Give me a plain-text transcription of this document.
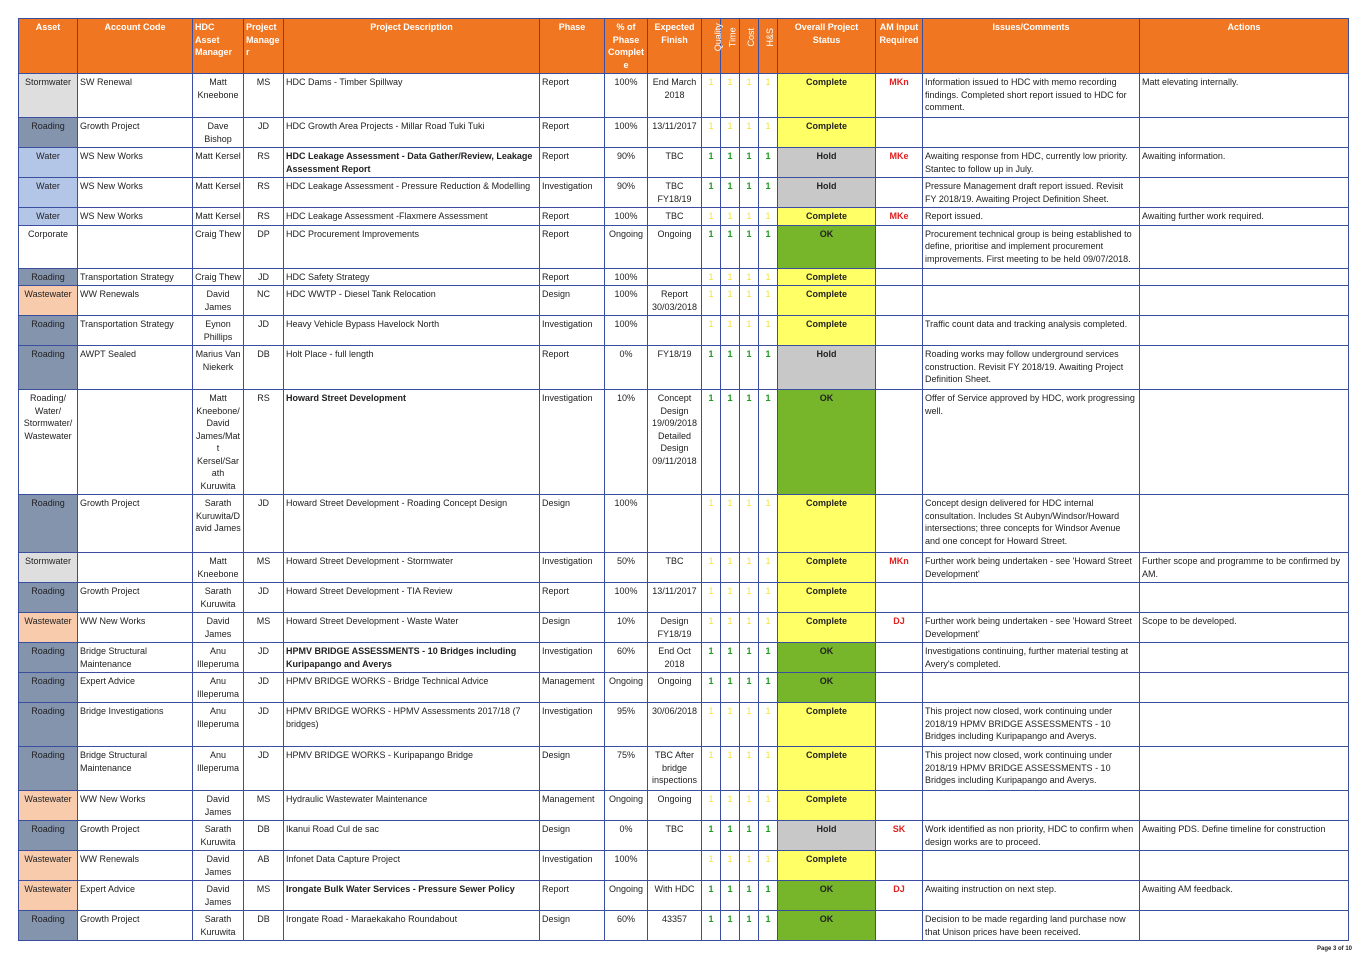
Asset	Account Code	HDC Asset Manager	Project Manager	Project Description	Phase	% of Phase Complete	Expected Finish	Quality	Time	Cost	H&S	Overall Project Status	AM Input Required	Issues/Comments	Actions
Stormwater	SW Renewal	Matt Kneebone	MS	HDC Dams - Timber Spillway	Report	100%	End March 2018	1	1	1	1	Complete	MKn	Information issued to HDC with memo recording findings. Completed short report issued to HDC for comment.	Matt elevating internally.
Roading	Growth Project	Dave Bishop	JD	HDC Growth Area Projects - Millar Road Tuki Tuki	Report	100%	13/11/2017	1	1	1	1	Complete			
Water	WS New Works	Matt Kersel	RS	HDC Leakage Assessment - Data Gather/Review, Leakage Assessment Report	Report	90%	TBC	1	1	1	1	Hold	MKe	Awaiting response from HDC, currently low priority. Stantec to follow up in July.	Awaiting information.
Water	WS New Works	Matt Kersel	RS	HDC Leakage Assessment - Pressure Reduction & Modelling	Investigation	90%	TBC FY18/19	1	1	1	1	Hold		Pressure Management draft report issued. Revisit FY 2018/19. Awaiting Project Definition Sheet.	
Water	WS New Works	Matt Kersel	RS	HDC Leakage Assessment -Flaxmere Assessment	Report	100%	TBC	1	1	1	1	Complete	MKe	Report issued.	Awaiting further work required.
Corporate		Craig Thew	DP	HDC Procurement Improvements	Report	Ongoing	Ongoing	1	1	1	1	OK		Procurement technical group is being established to define, prioritise and implement procurement improvements. First meeting to be held 09/07/2018.	
Roading	Transportation Strategy	Craig Thew	JD	HDC Safety Strategy	Report	100%		1	1	1	1	Complete			
Wastewater	WW Renewals	David James	NC	HDC WWTP - Diesel Tank Relocation	Design	100%	Report 30/03/2018	1	1	1	1	Complete			
Roading	Transportation Strategy	Eynon Phillips	JD	Heavy Vehicle Bypass Havelock North	Investigation	100%		1	1	1	1	Complete		Traffic count data and tracking analysis completed.	
Roading	AWPT Sealed	Marius Van Niekerk	DB	Holt Place - full length	Report	0%	FY18/19	1	1	1	1	Hold		Roading works may follow underground services construction. Revisit FY 2018/19. Awaiting Project Definition Sheet.	
Roading/ Water/ Stormwater/ Wastewater		Matt Kneebone/David James/Matt Kersel/Sarath Kuruwita	RS	Howard Street Development	Investigation	10%	Concept Design 19/09/2018 Detailed Design 09/11/2018	1	1	1	1	OK		Offer of Service approved by HDC, work progressing well.	
Roading	Growth Project	Sarath Kuruwita/David James	JD	Howard Street Development - Roading Concept Design	Design	100%		1	1	1	1	Complete		Concept design delivered for HDC internal consultation. Includes St Aubyn/Windsor/Howard intersections; three concepts for Windsor Avenue and one concept for Howard Street.	
Stormwater		Matt Kneebone	MS	Howard Street Development - Stormwater	Investigation	50%	TBC	1	1	1	1	Complete	MKn	Further work being undertaken - see 'Howard Street Development'	Further scope and programme to be confirmed by AM.
Roading	Growth Project	Sarath Kuruwita	JD	Howard Street Development - TIA Review	Report	100%	13/11/2017	1	1	1	1	Complete			
Wastewater	WW New Works	David James	MS	Howard Street Development - Waste Water	Design	10%	Design FY18/19	1	1	1	1	Complete	DJ	Further work being undertaken - see 'Howard Street Development'	Scope to be developed.
Roading	Bridge Structural Maintenance	Anu Illeperuma	JD	HPMV BRIDGE ASSESSMENTS - 10 Bridges including Kuripapango and Averys	Investigation	60%	End Oct 2018	1	1	1	1	OK		Investigations continuing, further material testing at Avery's completed.	
Roading	Expert Advice	Anu Illeperuma	JD	HPMV BRIDGE WORKS - Bridge Technical Advice	Management	Ongoing	Ongoing	1	1	1	1	OK			
Roading	Bridge Investigations	Anu Illeperuma	JD	HPMV BRIDGE WORKS - HPMV Assessments 2017/18 (7 bridges)	Investigation	95%	30/06/2018	1	1	1	1	Complete		This project now closed, work continuing under 2018/19 HPMV BRIDGE ASSESSMENTS - 10 Bridges including Kuripapango and Averys.	
Roading	Bridge Structural Maintenance	Anu Illeperuma	JD	HPMV BRIDGE WORKS - Kuripapango Bridge	Design	75%	TBC After bridge inspections	1	1	1	1	Complete		This project now closed, work continuing under 2018/19 HPMV BRIDGE ASSESSMENTS - 10 Bridges including Kuripapango and Averys.	
Wastewater	WW New Works	David James	MS	Hydraulic Wastewater Maintenance	Management	Ongoing	Ongoing	1	1	1	1	Complete			
Roading	Growth Project	Sarath Kuruwita	DB	Ikanui Road Cul de sac	Design	0%	TBC	1	1	1	1	Hold	SK	Work identified as non priority, HDC to confirm when design works are to proceed.	Awaiting PDS. Define timeline for construction
Wastewater	WW Renewals	David James	AB	Infonet Data Capture Project	Investigation	100%		1	1	1	1	Complete			
Wastewater	Expert Advice	David James	MS	Irongate Bulk Water Services - Pressure Sewer Policy	Report	Ongoing	With HDC	1	1	1	1	OK	DJ	Awaiting instruction on next step.	Awaiting AM feedback.
Roading	Growth Project	Sarath Kuruwita	DB	Irongate Road - Maraekakaho Roundabout	Design	60%	43357	1	1	1	1	OK		Decision to be made regarding land purchase now that Unison prices have been received.	
Page 3 of 10
